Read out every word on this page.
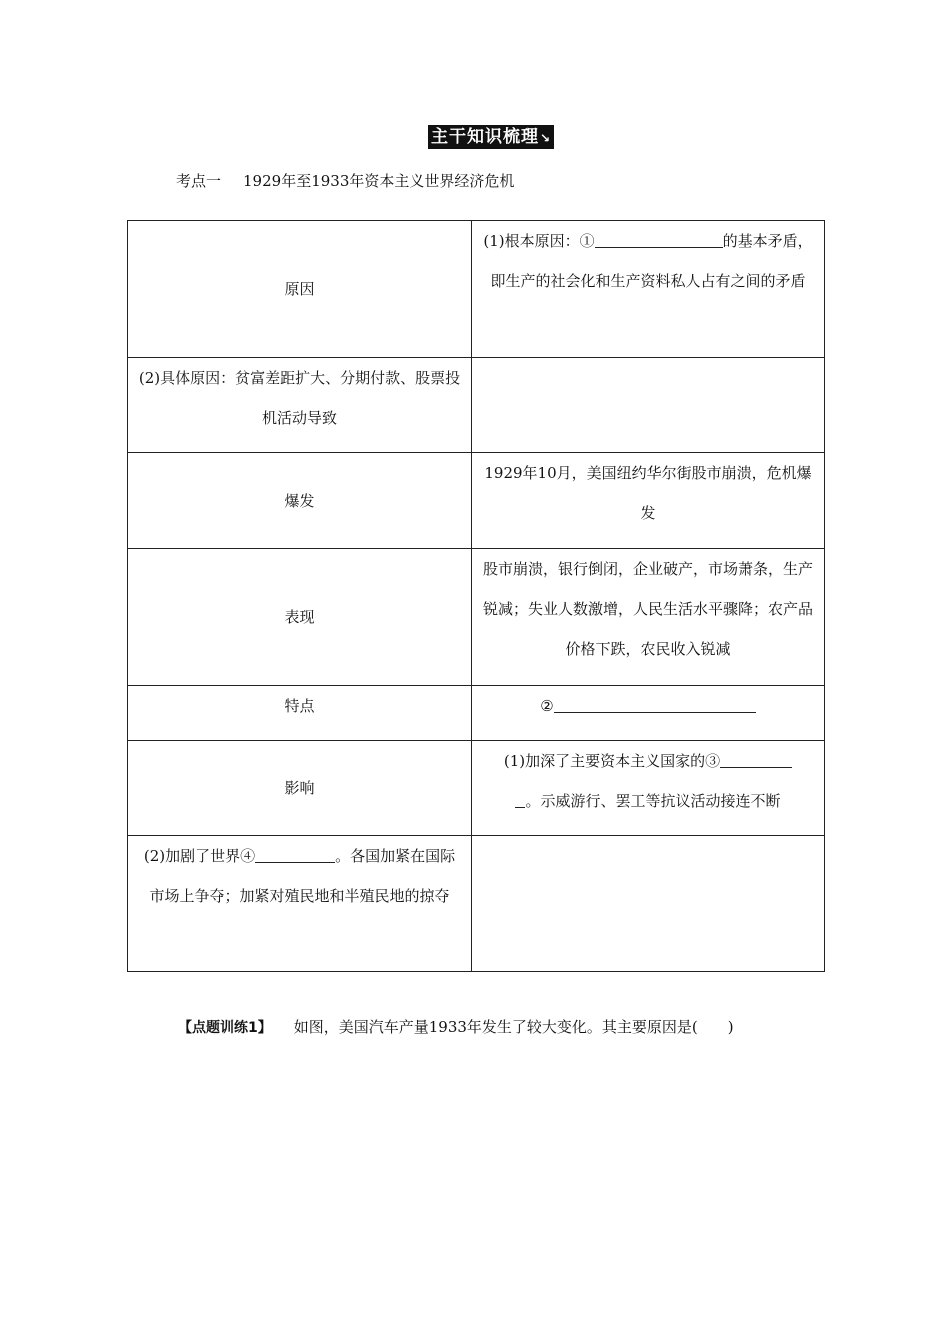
主干知识梳理↘
考点一 1929年至1933年资本主义世界经济危机
原因	(1)根本原因：① 的基本矛盾，即生产的社会化和生产资料私人占有之间的矛盾
(2)具体原因：贫富差距扩大、分期付款、股票投机活动导致	
爆发	1929年10月，美国纽约华尔街股市崩溃，危机爆发
表现	股市崩溃，银行倒闭，企业破产，市场萧条，生产锐减；失业人数激增，人民生活水平骤降；农产品价格下跌，农民收入锐减
特点	②
影响	(1)加深了主要资本主义国家的③
。示威游行、罢工等抗议活动接连不断
(2)加剧了世界④ 。各国加紧在国际市场上争夺；加紧对殖民地和半殖民地的掠夺	
【点题训练1】 如图，美国汽车产量1933年发生了较大变化。其主要原因是(　　)
